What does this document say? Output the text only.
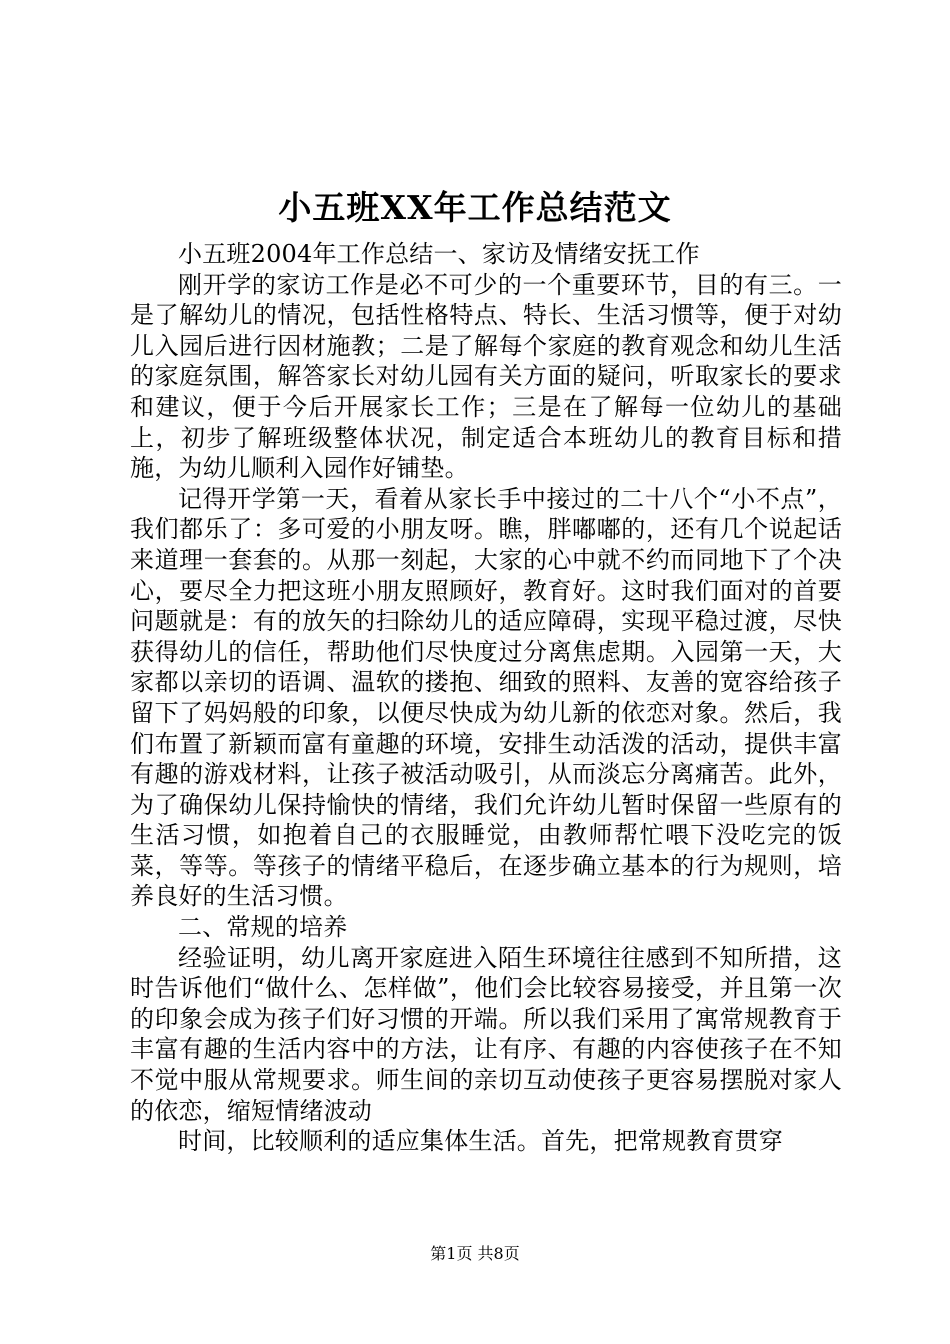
小五班XX年工作总结范文

小五班2004年工作总结一、家访及情绪安抚工作

刚开学的家访工作是必不可少的一个重要环节，目的有三。一是了解幼儿的情况，包括性格特点、特长、生活习惯等，便于对幼儿入园后进行因材施教；二是了解每个家庭的教育观念和幼儿生活的家庭氛围，解答家长对幼儿园有关方面的疑问，听取家长的要求和建议，便于今后开展家长工作；三是在了解每一位幼儿的基础上，初步了解班级整体状况，制定适合本班幼儿的教育目标和措施，为幼儿顺利入园作好铺垫。

记得开学第一天，看着从家长手中接过的二十八个“小不点”，我们都乐了：多可爱的小朋友呀。瞧，胖嘟嘟的，还有几个说起话来道理一套套的。从那一刻起，大家的心中就不约而同地下了个决心，要尽全力把这班小朋友照顾好，教育好。这时我们面对的首要问题就是：有的放矢的扫除幼儿的适应障碍，实现平稳过渡，尽快获得幼儿的信任，帮助他们尽快度过分离焦虑期。入园第一天，大家都以亲切的语调、温软的搂抱、细致的照料、友善的宽容给孩子留下了妈妈般的印象，以便尽快成为幼儿新的依恋对象。然后，我们布置了新颖而富有童趣的环境，安排生动活泼的活动，提供丰富有趣的游戏材料，让孩子被活动吸引，从而淡忘分离痛苦。此外，为了确保幼儿保持愉快的情绪，我们允许幼儿暂时保留一些原有的生活习惯，如抱着自己的衣服睡觉，由教师帮忙喂下没吃完的饭菜，等等。等孩子的情绪平稳后，在逐步确立基本的行为规则，培养良好的生活习惯。

二、常规的培养

经验证明，幼儿离开家庭进入陌生环境往往感到不知所措，这时告诉他们“做什么、怎样做”，他们会比较容易接受，并且第一次的印象会成为孩子们好习惯的开端。所以我们采用了寓常规教育于丰富有趣的生活内容中的方法，让有序、有趣的内容使孩子在不知不觉中服从常规要求。师生间的亲切互动使孩子更容易摆脱对家人的依恋，缩短情绪波动

时间，比较顺利的适应集体生活。首先，把常规教育贯穿

第1页 共8页
